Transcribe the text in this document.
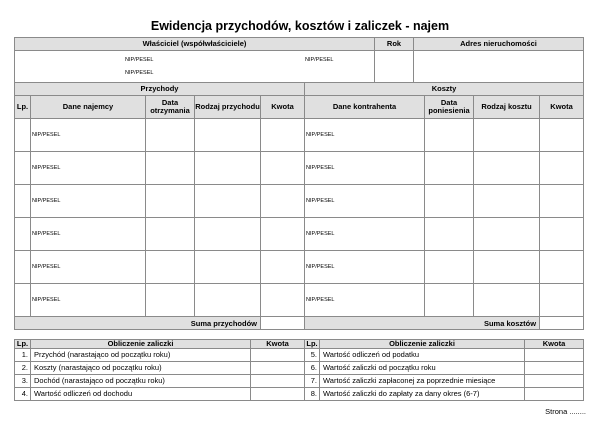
Ewidencja przychodów, kosztów i zaliczek - najem
Właściciel (współwłaściciele)	Rok	Adres nieruchomości

NIP/PESEL NIP/PESEL
NIP/PESEL		

Przychody					Koszty			
Lp.	Dane najemcy	Data otrzymania	Rodzaj przychodu	Kwota	Dane kontrahenta	Data poniesienia	Rodzaj kosztu	Kwota
	NIP/PESEL				NIP/PESEL			
	NIP/PESEL				NIP/PESEL			
	NIP/PESEL				NIP/PESEL			
	NIP/PESEL				NIP/PESEL			
	NIP/PESEL				NIP/PESEL			
	NIP/PESEL				NIP/PESEL			
Suma przychodów					Suma kosztów			
Lp.	Obliczenie zaliczki	Kwota	Lp.	Obliczenie zaliczki	Kwota
1.	Przychód (narastająco od początku roku)		5.	Wartość odliczeń od podatku	
2.	Koszty (narastająco od początku roku)		6.	Wartość zaliczki od początku roku	
3.	Dochód (narastająco od początku roku)		7.	Wartość zaliczki zapłaconej za poprzednie miesiące	
4.	Wartość odliczeń od dochodu		8.	Wartość zaliczki do zapłaty za dany okres (6-7)	
Strona ........
